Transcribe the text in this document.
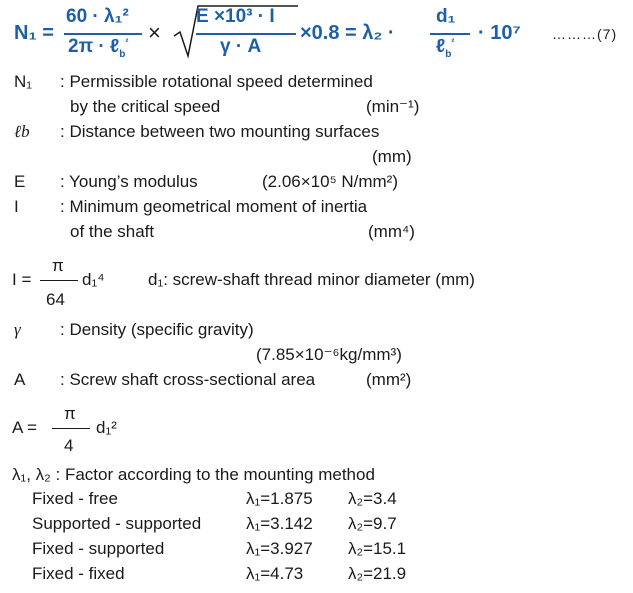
N₁ =
60 · λ₁²
2π · ℓ$_b^{^2}$ ×
E ×10³ · I
γ · A
×0.8 = λ₂ ·
d₁
ℓ$_b^{^2}$ · 10⁷ ………(7)
N₁ : Permissible rotational speed determined
by the critical speed	(min⁻¹)
ℓb : Distance between two mounting surfaces
(mm)
E : Young’s modulus	(2.06×10⁵ N/mm²)
I : Minimum geometrical moment of inertia
of the shaft	(mm⁴)
I =
π
64
d₁⁴	d₁: screw-shaft thread minor diameter (mm)
γ : Density (specific gravity)
(7.85×10⁻⁶kg/mm³)
A : Screw shaft cross-sectional area	(mm²)
A =
π
4
d₁²
λ₁, λ₂ : Factor according to the mounting method
Fixed - free	λ₁=1.875 λ₂=3.4
Supported - supported	λ₁=3.142 λ₂=9.7
Fixed - supported	λ₁=3.927 λ₂=15.1
Fixed - fixed	λ₁=4.73	λ₂=21.9
